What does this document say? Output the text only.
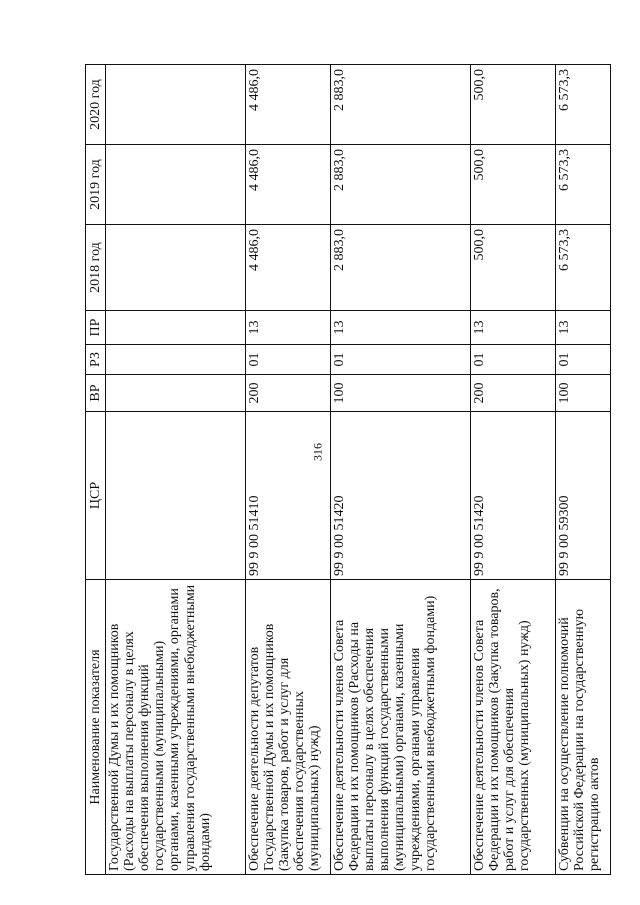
316
Наименование показателя	ЦСР	ВР	РЗ	ПР	2018 год	2019 год	2020 год
Государственной Думы и их помощников (Расходы на выплаты персоналу в целях обеспечения выполнения функций государственными (муниципальными) органами, казенными учреждениями, органами управления государственными внебюджетными фондами)							
Обеспечение деятельности депутатов Государственной Думы и их помощников (Закупка товаров, работ и услуг для обеспечения государственных (муниципальных) нужд)	99 9 00 51410	200	01	13	4 486,0	4 486,0	4 486,0
Обеспечение деятельности членов Совета Федерации и их помощников (Расходы на выплаты персоналу в целях обеспечения выполнения функций государственными (муниципальными) органами, казенными учреждениями, органами управления государственными внебюджетными фондами)	99 9 00 51420	100	01	13	2 883,0	2 883,0	2 883,0
Обеспечение деятельности членов Совета Федерации и их помощников (Закупка товаров, работ и услуг для обеспечения государственных (муниципальных) нужд)	99 9 00 51420	200	01	13	500,0	500,0	500,0
Субвенции на осуществление полномочий Российской Федерации на государственную регистрацию актов	99 9 00 59300	100	01	13	6 573,3	6 573,3	6 573,3
